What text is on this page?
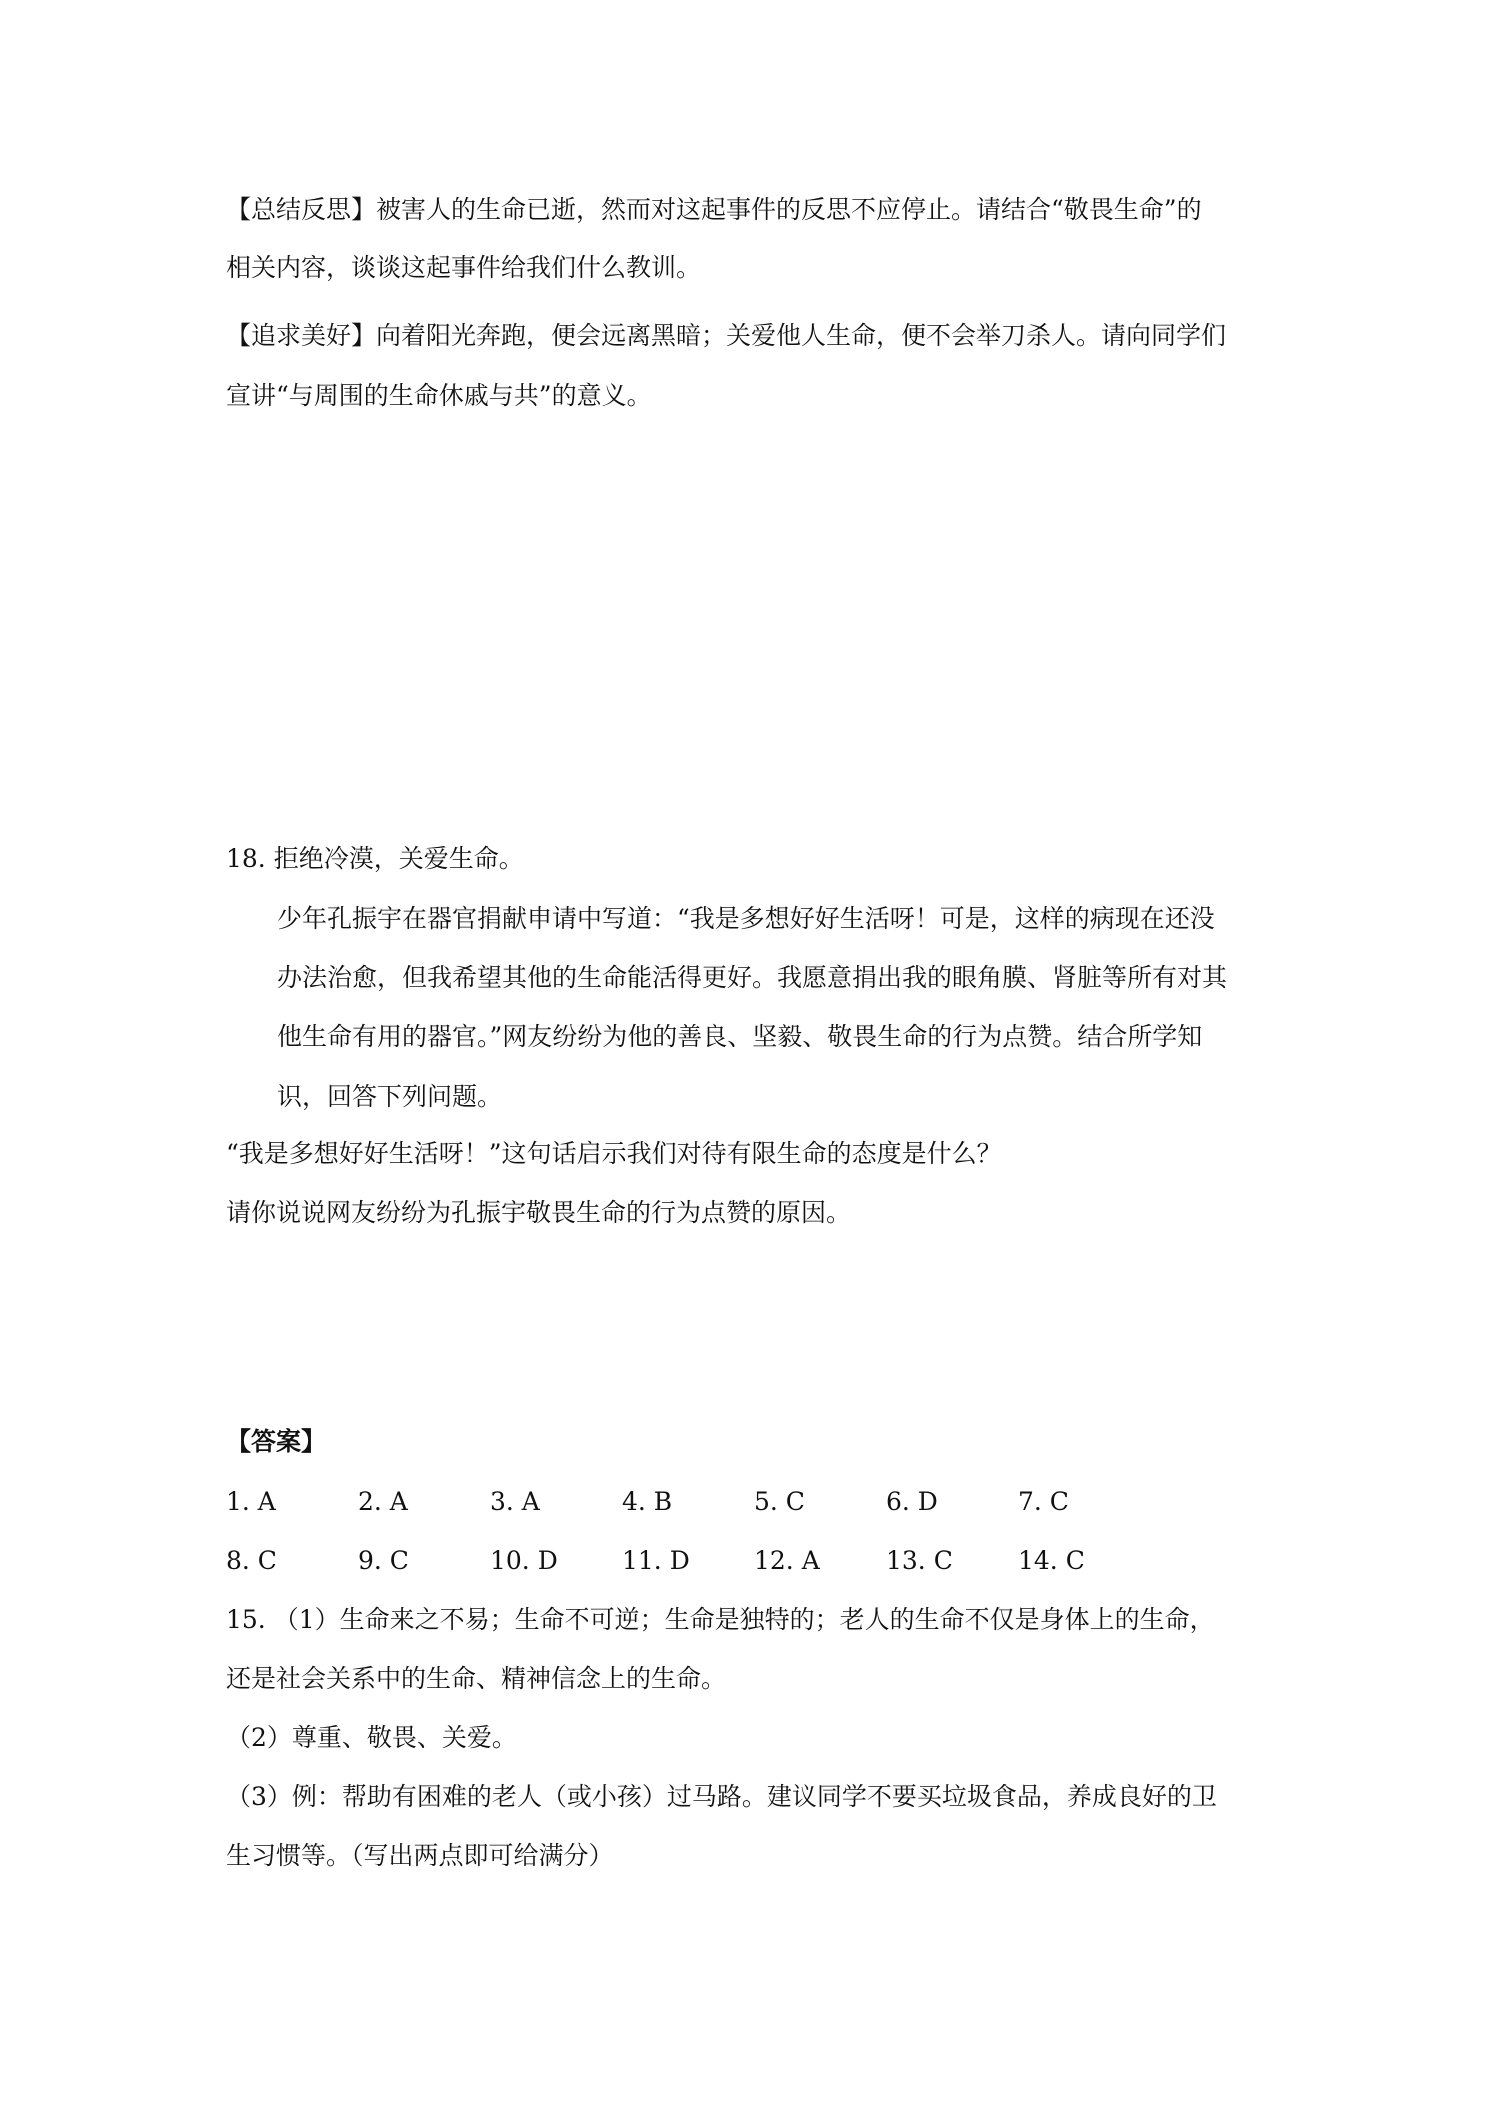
【总结反思】被害人的生命已逝，然而对这起事件的反思不应停止。请结合“敬畏生命”的
相关内容，谈谈这起事件给我们什么教训。
【追求美好】向着阳光奔跑，便会远离黑暗；关爱他人生命，便不会举刀杀人。请向同学们
宣讲“与周围的生命休戚与共”的意义。
18. 拒绝冷漠，关爱生命。
少年孔振宇在器官捐献申请中写道：“我是多想好好生活呀！可是，这样的病现在还没
办法治愈，但我希望其他的生命能活得更好。我愿意捐出我的眼角膜、肾脏等所有对其
他生命有用的器官。”网友纷纷为他的善良、坚毅、敬畏生命的行为点赞。结合所学知
识，回答下列问题。
“我是多想好好生活呀！”这句话启示我们对待有限生命的态度是什么？
请你说说网友纷纷为孔振宇敬畏生命的行为点赞的原因。
【答案】
1. A	2. A	3. A	4. B	5. C	6. D	7. C
8. C	9. C	10. D	11. D	12. A	13. C	14. C
15. （1）生命来之不易；生命不可逆；生命是独特的；老人的生命不仅是身体上的生命，
还是社会关系中的生命、精神信念上的生命。
（2）尊重、敬畏、关爱。
（3）例：帮助有困难的老人（或小孩）过马路。建议同学不要买垃圾食品，养成良好的卫
生习惯等。（写出两点即可给满分）
